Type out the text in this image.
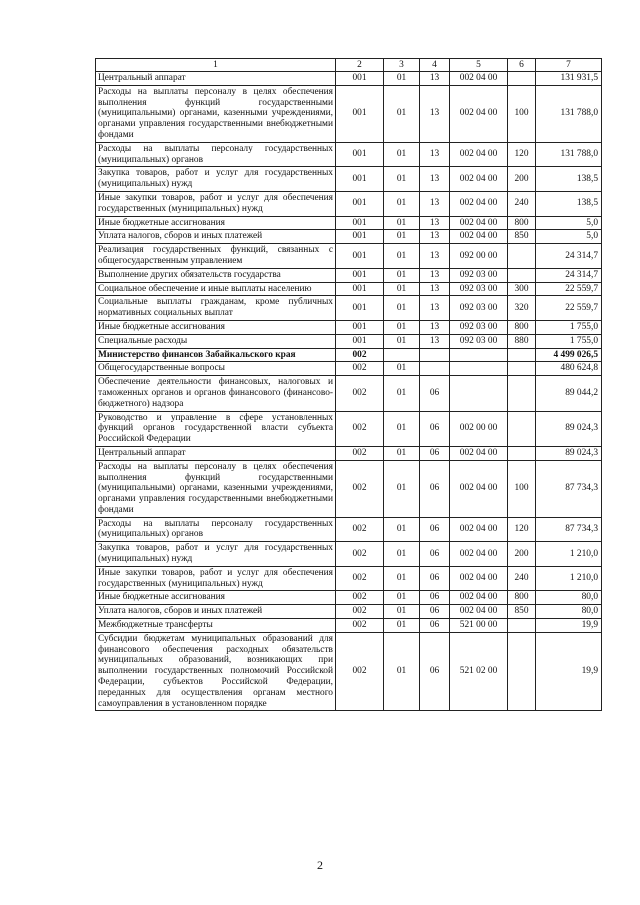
1	2	3	4	5	6	7
Центральный аппарат	001	01	13	002 04 00		131 931,5
Расходы на выплаты персоналу в целях обеспечения выполнения функций государственными (муниципальными) органами, казенными учреждениями, органами управления государственными внебюджетными фондами	001	01	13	002 04 00	100	131 788,0
Расходы на выплаты персоналу государственных (муниципальных) органов	001	01	13	002 04 00	120	131 788,0
Закупка товаров, работ и услуг для государственных (муниципальных) нужд	001	01	13	002 04 00	200	138,5
Иные закупки товаров, работ и услуг для обеспечения государственных (муниципальных) нужд	001	01	13	002 04 00	240	138,5
Иные бюджетные ассигнования	001	01	13	002 04 00	800	5,0
Уплата налогов, сборов и иных платежей	001	01	13	002 04 00	850	5,0
Реализация государственных функций, связанных с общегосударственным управлением	001	01	13	092 00 00		24 314,7
Выполнение других обязательств государства	001	01	13	092 03 00		24 314,7
Социальное обеспечение и иные выплаты населению	001	01	13	092 03 00	300	22 559,7
Социальные выплаты гражданам, кроме публичных нормативных социальных выплат	001	01	13	092 03 00	320	22 559,7
Иные бюджетные ассигнования	001	01	13	092 03 00	800	1 755,0
Специальные расходы	001	01	13	092 03 00	880	1 755,0
Министерство финансов Забайкальского края	002					4 499 026,5
Общегосударственные вопросы	002	01				480 624,8
Обеспечение деятельности финансовых, налоговых и таможенных органов и органов финансового (финансово-бюджетного) надзора	002	01	06			89 044,2
Руководство и управление в сфере установленных функций органов государственной власти субъекта Российской Федерации	002	01	06	002 00 00		89 024,3
Центральный аппарат	002	01	06	002 04 00		89 024,3
Расходы на выплаты персоналу в целях обеспечения выполнения функций государственными (муниципальными) органами, казенными учреждениями, органами управления государственными внебюджетными фондами	002	01	06	002 04 00	100	87 734,3
Расходы на выплаты персоналу государственных (муниципальных) органов	002	01	06	002 04 00	120	87 734,3
Закупка товаров, работ и услуг для государственных (муниципальных) нужд	002	01	06	002 04 00	200	1 210,0
Иные закупки товаров, работ и услуг для обеспечения государственных (муниципальных) нужд	002	01	06	002 04 00	240	1 210,0
Иные бюджетные ассигнования	002	01	06	002 04 00	800	80,0
Уплата налогов, сборов и иных платежей	002	01	06	002 04 00	850	80,0
Межбюджетные трансферты	002	01	06	521 00 00		19,9
Субсидии бюджетам муниципальных образований для финансового обеспечения расходных обязательств муниципальных образований, возникающих при выполнении государственных полномочий Российской Федерации, субъектов Российской Федерации, переданных для осуществления органам местного самоуправления в установленном порядке	002	01	06	521 02 00		19,9
2
